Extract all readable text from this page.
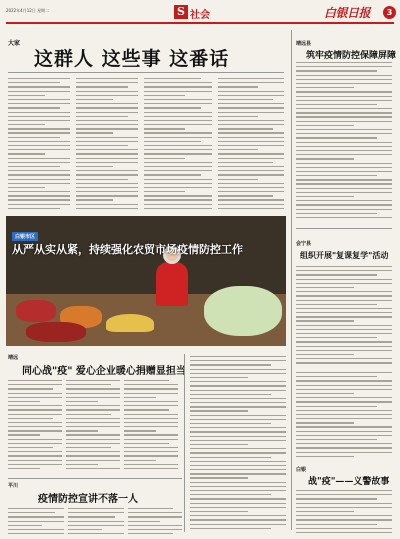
2022年4月12日 星期二	S 社会	白银日报	3
大家
这群人 这些事 这番话
靖远县
筑牢疫情防控保障屏障
会宁县
组织开展"复课复学"活动
白银市区
从严从实从紧，持续强化农贸市场疫情防控工作
靖远
同心战"疫" 爱心企业暖心捐赠显担当
平川
疫情防控宣讲不落一人
白银
战"疫"——义警故事
